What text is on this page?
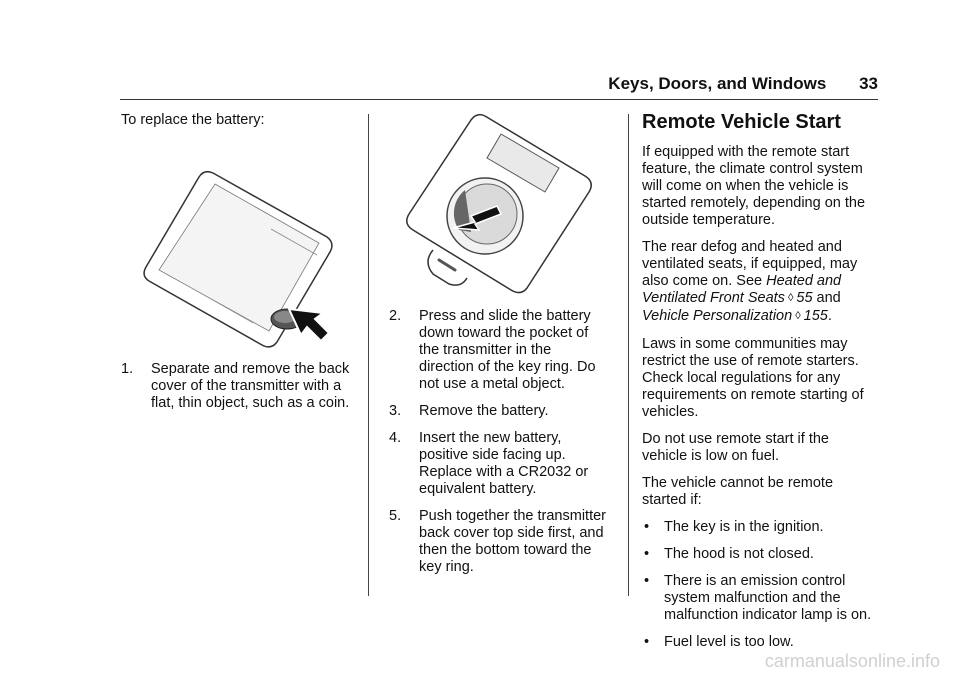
Keys, Doors, and Windows 33

To replace the battery:

1. Separate and remove the back cover of the transmitter with a flat, thin object, such as a coin.
2. Press and slide the battery down toward the pocket of the transmitter in the direction of the key ring. Do not use a metal object.
3. Remove the battery.
4. Insert the new battery, positive side facing up. Replace with a CR2032 or equivalent battery.
5. Push together the transmitter back cover top side first, and then the bottom toward the key ring.
Remote Vehicle Start

If equipped with the remote start feature, the climate control system will come on when the vehicle is started remotely, depending on the outside temperature.

The rear defog and heated and ventilated seats, if equipped, may also come on. See Heated and Ventilated Front Seats ◊ 55 and Vehicle Personalization ◊ 155.

Laws in some communities may restrict the use of remote starters. Check local regulations for any requirements on remote starting of vehicles.

Do not use remote start if the vehicle is low on fuel.

The vehicle cannot be remote started if:

• The key is in the ignition.
• The hood is not closed.
• There is an emission control system malfunction and the malfunction indicator lamp is on.
• Fuel level is too low.
carmanualsonline.info
